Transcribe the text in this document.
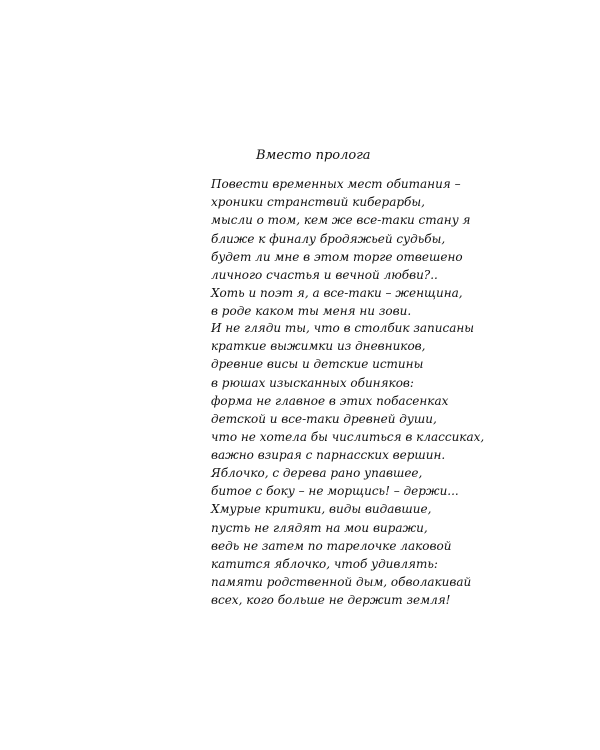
Вместо пролога
Повести временных мест обитания –
хроники странствий киберарбы,
мысли о том, кем же все-таки стану я
ближе к финалу бродяжьей судьбы,
будет ли мне в этом торге отвешено
личного счастья и вечной любви?..
Хоть и поэт я, а все-таки – женщина,
в роде каком ты меня ни зови.
И не гляди ты, что в столбик записаны
краткие выжимки из дневников,
древние висы и детские истины
в рюшах изысканных обиняков:
форма не главное в этих побасенках
детской и все-таки древней души,
что не хотела бы числиться в классиках,
важно взирая с парнасских вершин.
Яблочко, с дерева рано упавшее,
битое с боку – не морщись! – держи...
Хмурые критики, виды видавшие,
пусть не глядят на мои виражи,
ведь не затем по тарелочке лаковой
катится яблочко, чтоб удивлять:
памяти родственной дым, обволакивай
всех, кого больше не держит земля!
